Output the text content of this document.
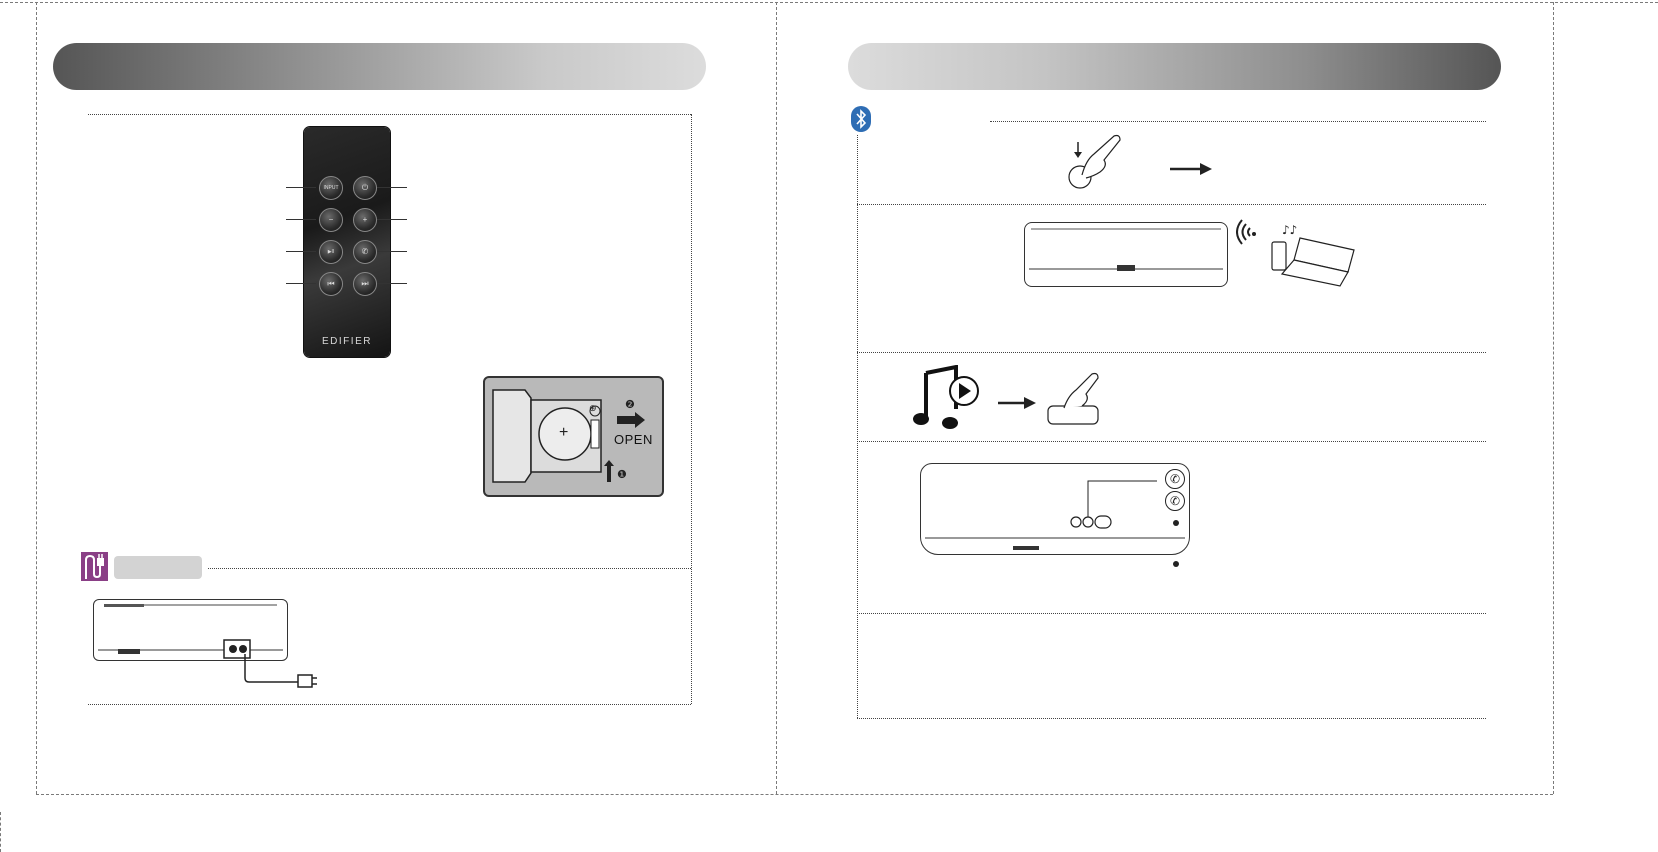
INPUT	⏻
−	+
▶II	✆
⏮	⏭
EDIFIER
+
⊕	❷
OPEN
❶
♪♪
✆
✆
